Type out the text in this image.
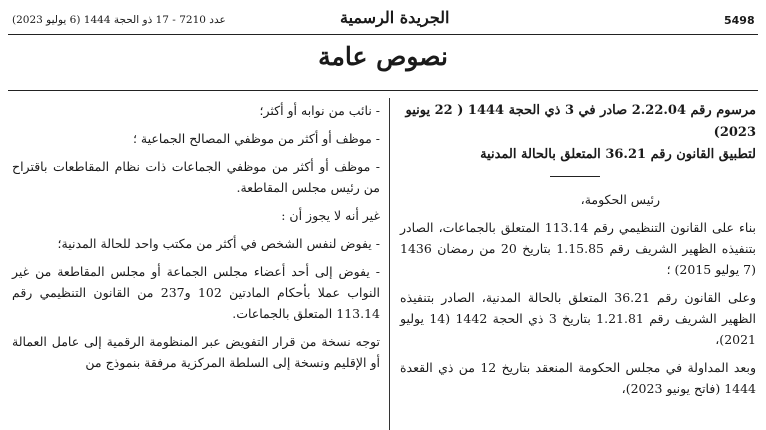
5498
الجريدة الرسمية
عدد 7210 - 17 ذو الحجة 1444 (6 يوليو 2023)
نصوص عامة
مرسوم رقم 2.22.04 صادر في 3 ذي الحجة 1444 ( 22 يونيو 2023)
لتطبيق القانون رقم 36.21 المتعلق بالحالة المدنية

رئيس الحكومة،

بناء على القانون التنظيمي رقم 113.14 المتعلق بالجماعات، الصادر بتنفيذه الظهير الشريف رقم 1.15.85 بتاريخ 20 من رمضان 1436 (7 يوليو 2015) ؛

وعلى القانون رقم 36.21 المتعلق بالحالة المدنية، الصادر بتنفيذه الظهير الشريف رقم 1.21.81 بتاريخ 3 ذي الحجة 1442 (14 يوليو 2021)،

وبعد المداولة في مجلس الحكومة المنعقد بتاريخ 12 من ذي القعدة 1444 (فاتح يونيو 2023)،

- نائب من نوابه أو أكثر؛

- موظف أو أكثر من موظفي المصالح الجماعية ؛

- موظف أو أكثر من موظفي الجماعات ذات نظام المقاطعات باقتراح من رئيس مجلس المقاطعة.

غير أنه لا يجوز أن :

- يفوض لنفس الشخص في أكثر من مكتب واحد للحالة المدنية؛

- يفوض إلى أحد أعضاء مجلس الجماعة أو مجلس المقاطعة من غير النواب عملا بأحكام المادتين 102 و237 من القانون التنظيمي رقم 113.14 المتعلق بالجماعات.

توجه نسخة من قرار التفويض عبر المنظومة الرقمية إلى عامل العمالة أو الإقليم ونسخة إلى السلطة المركزية مرفقة بنموذج من
